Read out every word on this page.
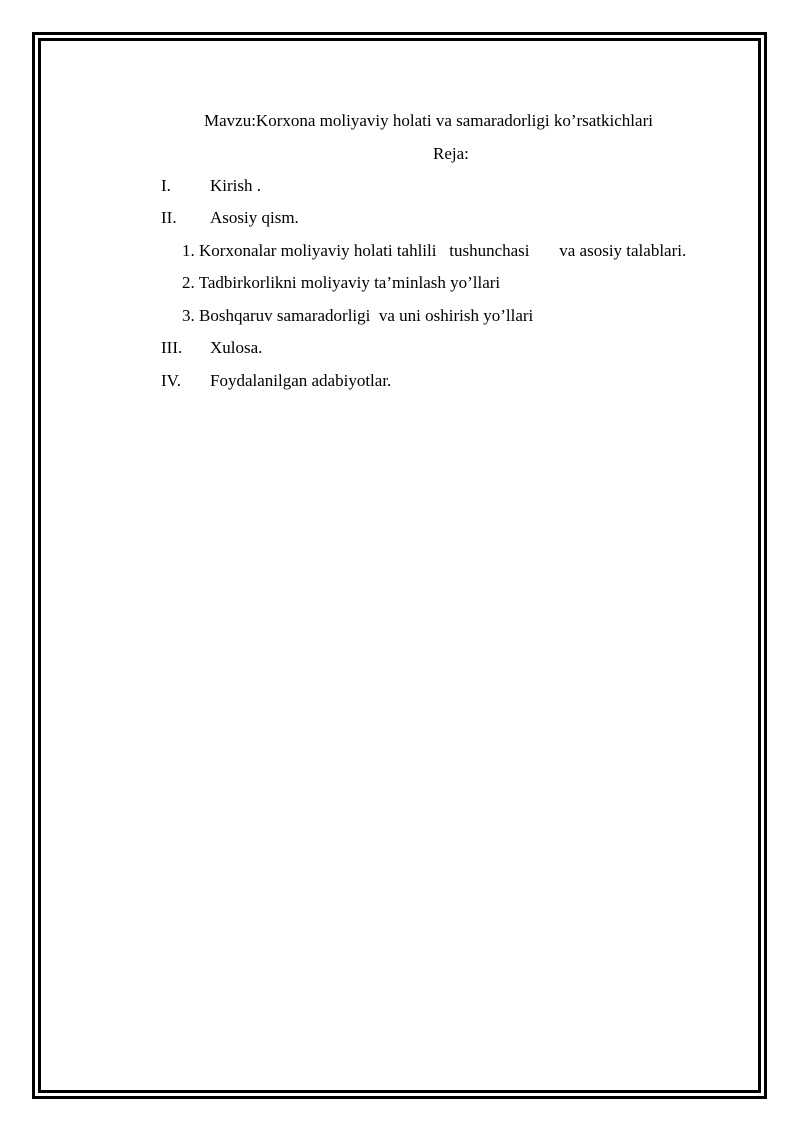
Mavzu:Korxona moliyaviy holati va samaradorligi ko’rsatkichlari
Reja:
I. Kirish .
II. Asosiy qism.
1. Korxonalar moliyaviy holati tahlili   tushunchasi       va asosiy talablari.
2. Tadbirkorlikni moliyaviy ta’minlash yo’llari
3. Boshqaruv samaradorligi  va uni oshirish yo’llari
III. Xulosa.
IV. Foydalanilgan adabiyotlar.
